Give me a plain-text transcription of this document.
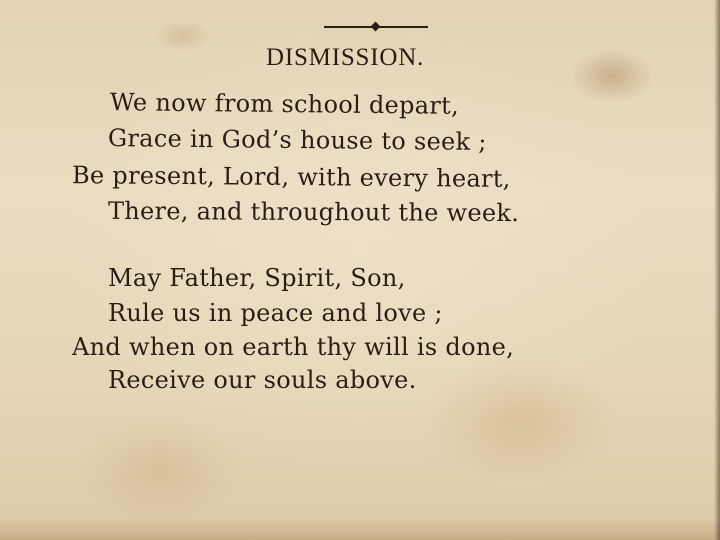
DISMISSION.
We now from school depart,
Grace in God’s house to seek ;
Be present, Lord, with every heart,
There, and throughout the week.
May Father, Spirit, Son,
Rule us in peace and love ;
And when on earth thy will is done,
Receive our souls above.
